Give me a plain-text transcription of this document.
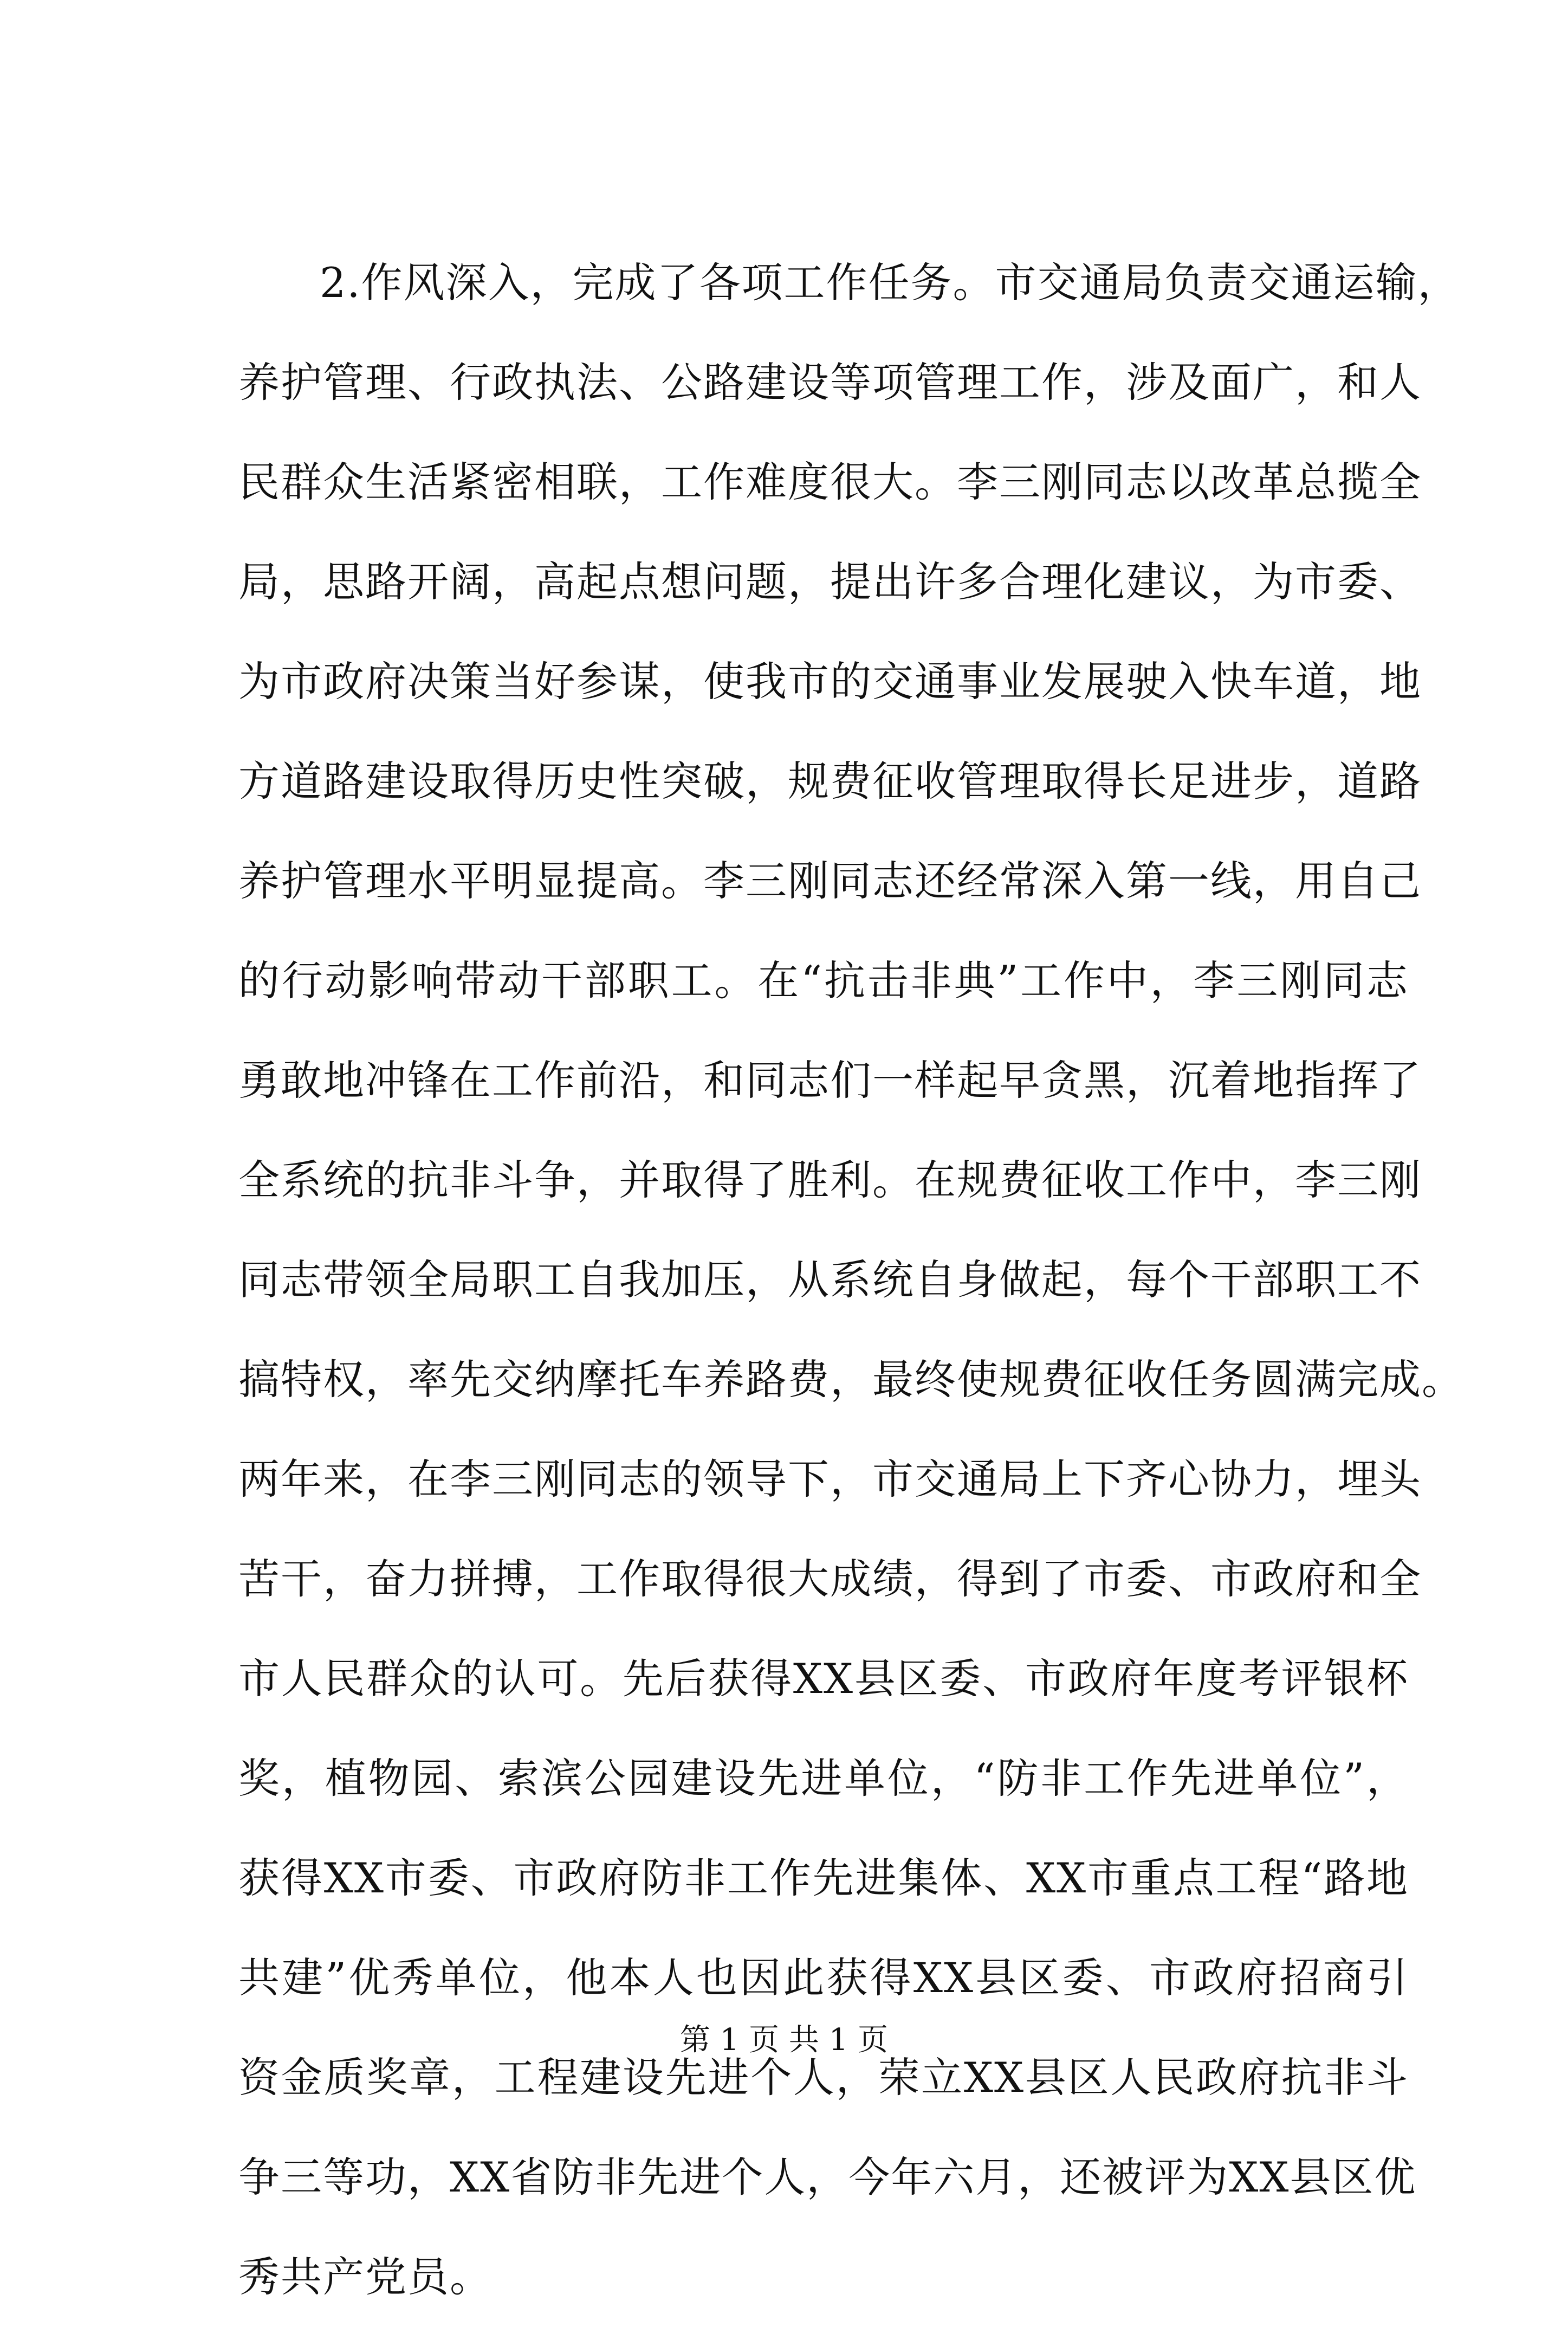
2.作风深入，完成了各项工作任务。市交通局负责交通运输，
养护管理、行政执法、公路建设等项管理工作，涉及面广，和人
民群众生活紧密相联，工作难度很大。李三刚同志以改革总揽全
局，思路开阔，高起点想问题，提出许多合理化建议，为市委、
为市政府决策当好参谋，使我市的交通事业发展驶入快车道，地
方道路建设取得历史性突破，规费征收管理取得长足进步，道路
养护管理水平明显提高。李三刚同志还经常深入第一线，用自己
的行动影响带动干部职工。在“抗击非典”工作中，李三刚同志
勇敢地冲锋在工作前沿，和同志们一样起早贪黑，沉着地指挥了
全系统的抗非斗争，并取得了胜利。在规费征收工作中，李三刚
同志带领全局职工自我加压，从系统自身做起，每个干部职工不
搞特权，率先交纳摩托车养路费，最终使规费征收任务圆满完成。
两年来，在李三刚同志的领导下，市交通局上下齐心协力，埋头
苦干，奋力拼搏，工作取得很大成绩，得到了市委、市政府和全
市人民群众的认可。先后获得XX县区委、市政府年度考评银杯
奖，植物园、索滨公园建设先进单位，“防非工作先进单位”，
获得XX市委、市政府防非工作先进集体、XX市重点工程“路地
共建”优秀单位，他本人也因此获得XX县区委、市政府招商引
资金质奖章，工程建设先进个人，荣立XX县区人民政府抗非斗
争三等功，XX省防非先进个人，今年六月，还被评为XX县区优
秀共产党员。
第 1 页 共 1 页
